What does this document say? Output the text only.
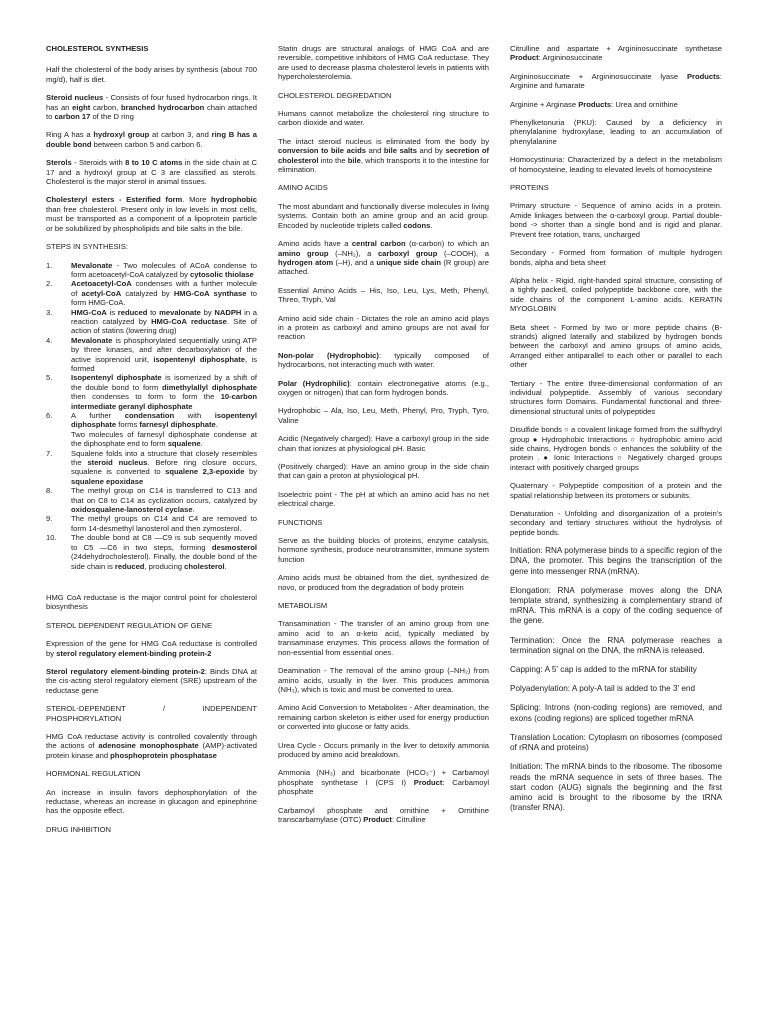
CHOLESTEROL SYNTHESIS

Half the cholesterol of the body arises by synthesis (about 700 mg/d), half is diet.

Steroid nucleus - Consists of four fused hydrocarbon rings. It has an eight carbon, branched hydrocarbon chain attached to carbon 17 of the D ring

Ring A has a hydroxyl group at carbon 3, and ring B has a double bond between carbon 5 and carbon 6.

Sterols - Steroids with 8 to 10 C atoms in the side chain at C 17 and a hydroxyl group at C 3 are classified as sterols. Cholesterol is the major sterol in animal tissues.

Cholesteryl esters - Esterified form. More hydrophobic than free cholesterol. Present only in low levels in most cells, must be transported as a component of a lipoprotein particle or be solubilized by phospholipids and bile salts in the bile.

STEPS IN SYNTHESIS:

1. Mevalonate - Two molecules of ACoA condense to form acetoacetyl-CoA catalyzed by cytosolic thiolase
2. Acetoacetyl-CoA condenses with a further molecule of acetyl-CoA catalyzed by HMG-CoA synthase to form HMG-CoA.
3. HMG-CoA is reduced to mevalonate by NADPH in a reaction catalyzed by HMG-CoA reductase. Site of action of statins (lowering drug)
4. Mevalonate is phosphorylated sequentially using ATP by three kinases, and after decarboxylation of the active isoprenoid unit, isopentenyl diphosphate, is formed
5. Isopentenyl diphosphate is isomerized by a shift of the double bond to form dimethylallyl diphosphate then condenses to form to form the 10-carbon intermediate geranyl diphosphate
6. A further condensation with isopentenyl diphosphate forms farnesyl diphosphate.
Two molecules of farnesyl diphosphate condense at the diphosphate end to form squalene.
7. Squalene folds into a structure that closely resembles the steroid nucleus. Before ring closure occurs, squalene is converted to squalene 2,3-epoxide by squalene epoxidase
8. The methyl group on C14 is transferred to C13 and that on C8 to C14 as cyclization occurs, catalyzed by oxidosqualene-lanosterol cyclase.
9. The methyl groups on C14 and C4 are removed to form 14-desmethyl lanosterol and then zymosterol.
10. The double bond at C8 —C9 is sub sequently moved to C5 —C6 in two steps, forming desmosterol (24dehydrocholesterol). Finally, the double bond of the side chain is reduced, producing cholesterol.

HMG CoA reductase is the major control point for cholesterol biosynthesis

STEROL DEPENDENT REGULATION OF GENE

Expression of the gene for HMG CoA reductase is controlled by sterol regulatory element-binding protein-2

Sterol regulatory element-binding protein-2: Binds DNA at the cis-acting sterol regulatory element (SRE) upstream of the reductase gene

STEROL-DEPENDENT / INDEPENDENT PHOSPHORYLATION

HMG CoA reductase activity is controlled covalently through the actions of adenosine monophosphate (AMP)-activated protein kinase and phosphoprotein phosphatase

HORMONAL REGULATION

An increase in insulin favors dephosphorylation of the reductase, whereas an increase in glucagon and epinephrine has the opposite effect.

DRUG INHIBITION

Statin drugs are structural analogs of HMG CoA and are reversible, competitive inhibitors of HMG CoA reductase. They are used to decrease plasma cholesterol levels in patients with hypercholesterolemia.

CHOLESTEROL DEGREDATION

Humans cannot metabolize the cholesterol ring structure to carbon dioxide and water.

The intact steroid nucleus is eliminated from the body by conversion to bile acids and bile salts and by secretion of cholesterol into the bile, which transports it to the intestine for elimination.

AMINO ACIDS

The most abundant and functionally diverse molecules in living systems. Contain both an amine group and an acid group. Encoded by nucleotide triplets called codons.

Amino acids have a central carbon (α-carbon) to which an amino group (–NH₂), a carboxyl group (–COOH), a hydrogen atom (–H), and a unique side chain (R group) are attached.

Essential Amino Acids – His, Iso, Leu, Lys, Meth, Phenyl, Threo, Tryph, Val

Amino acid side chain - Dictates the role an amino acid plays in a protein as carboxyl and amino groups are not avail for reaction

Non-polar (Hydrophobic): typically composed of hydrocarbons, not interacting much with water.

Polar (Hydrophilic): contain electronegative atoms (e.g., oxygen or nitrogen) that can form hydrogen bonds.

Hydrophobic – Ala, Iso, Leu, Meth, Phenyl, Pro, Tryph, Tyro, Valine

Acidic (Negatively charged): Have a carboxyl group in the side chain that ionizes at physiological pH. Basic

(Positively charged): Have an amino group in the side chain that can gain a proton at physiological pH.

Isoelectric point - The pH at which an amino acid has no net electrical charge.

FUNCTIONS

Serve as the building blocks of proteins, enzyme catalysis, hormone synthesis, produce neurotransmitter, immune system function

Amino acids must be obtained from the diet, synthesized de novo, or produced from the degradation of body protein

METABOLISM

Transamination - The transfer of an amino group from one amino acid to an α-keto acid, typically mediated by transaminase enzymes. This process allows the formation of non-essential from essential ones.

Deamination - The removal of the amino group (–NH₂) from amino acids, usually in the liver. This produces ammonia (NH₃), which is toxic and must be converted to urea.

Amino Acid Conversion to Metabolites - After deamination, the remaining carbon skeleton is either used for energy production or converted into glucose or fatty acids.

Urea Cycle - Occurs primarily in the liver to detoxify ammonia produced by amino acid breakdown.

Ammonia (NH₃) and bicarbonate (HCO₃⁻) + Carbamoyl phosphate synthetase I (CPS I) Product: Carbamoyl phosphate

Carbamoyl phosphate and ornithine + Ornithine transcarbamylase (OTC) Product: Citrulline

Citrulline and aspartate + Argininosuccinate synthetase Product: Argininosuccinate

Argininosuccinate + Argininosuccinate lyase Products: Arginine and fumarate

Arginine + Arginase Products: Urea and ornithine

Phenylketonuria (PKU): Caused by a deficiency in phenylalanine hydroxylase, leading to an accumulation of phenylalanine

Homocystinuria: Characterized by a defect in the metabolism of homocysteine, leading to elevated levels of homocysteine

PROTEINS

Primary structure - Sequence of amino acids in a protein. Amide linkages between the α-carboxyl group. Partial double-bond -> shorter than a single bond and is rigid and planar. Prevent free rotation, trans, uncharged

Secondary - Formed from formation of multiple hydrogen bonds, alpha and beta sheet

Alpha helix - Rigid, right-handed spiral structure, consisting of a tightly packed, coiled polypeptide backbone core, with the side chains of the component L-amino acids. KERATIN MYOGLOBIN

Beta sheet - Formed by two or more peptide chains (B-strands) aligned laterally and stabilized by hydrogen bonds between the carboxyl and amino groups of amino acids, Arranged either antiparallel to each other or parallel to each other

Tertiary - The entire three-dimensional conformation of an individual polypeptide. Assembly of various secondary structures form Domains. Fundamental functional and three-dimensional structural units of polypeptides

Disulfide bonds ○ a covalent linkage formed from the sulfhydryl group ● Hydrophobic Interactions ○ hydrophobic amino acid side chains, Hydrogen bonds ○ enhances the solubility of the protein . ● Ionic Interactions ○ Negatively charged groups interact with positively charged groups

Quaternary - Polypeptide composition of a protein and the spatial relationship between its protomers or subunits.

Denaturation - Unfolding and disorganization of a protein's secondary and tertiary structures without the hydrolysis of peptide bonds.

Initiation: RNA polymerase binds to a specific region of the DNA, the promoter. This begins the transcription of the gene into messenger RNA (mRNA).

Elongation: RNA polymerase moves along the DNA template strand, synthesizing a complementary strand of mRNA. This mRNA is a copy of the coding sequence of the gene.

Termination: Once the RNA polymerase reaches a termination signal on the DNA, the mRNA is released.

Capping: A 5' cap is added to the mRNA for stability

Polyadenylation: A poly-A tail is added to the 3' end

Splicing: Introns (non-coding regions) are removed, and exons (coding regions) are spliced together mRNA

Translation Location: Cytoplasm on ribosomes (composed of rRNA and proteins)

Initiation: The mRNA binds to the ribosome. The ribosome reads the mRNA sequence in sets of three bases. The start codon (AUG) signals the beginning and the first amino acid is brought to the ribosome by the tRNA (transfer RNA).
